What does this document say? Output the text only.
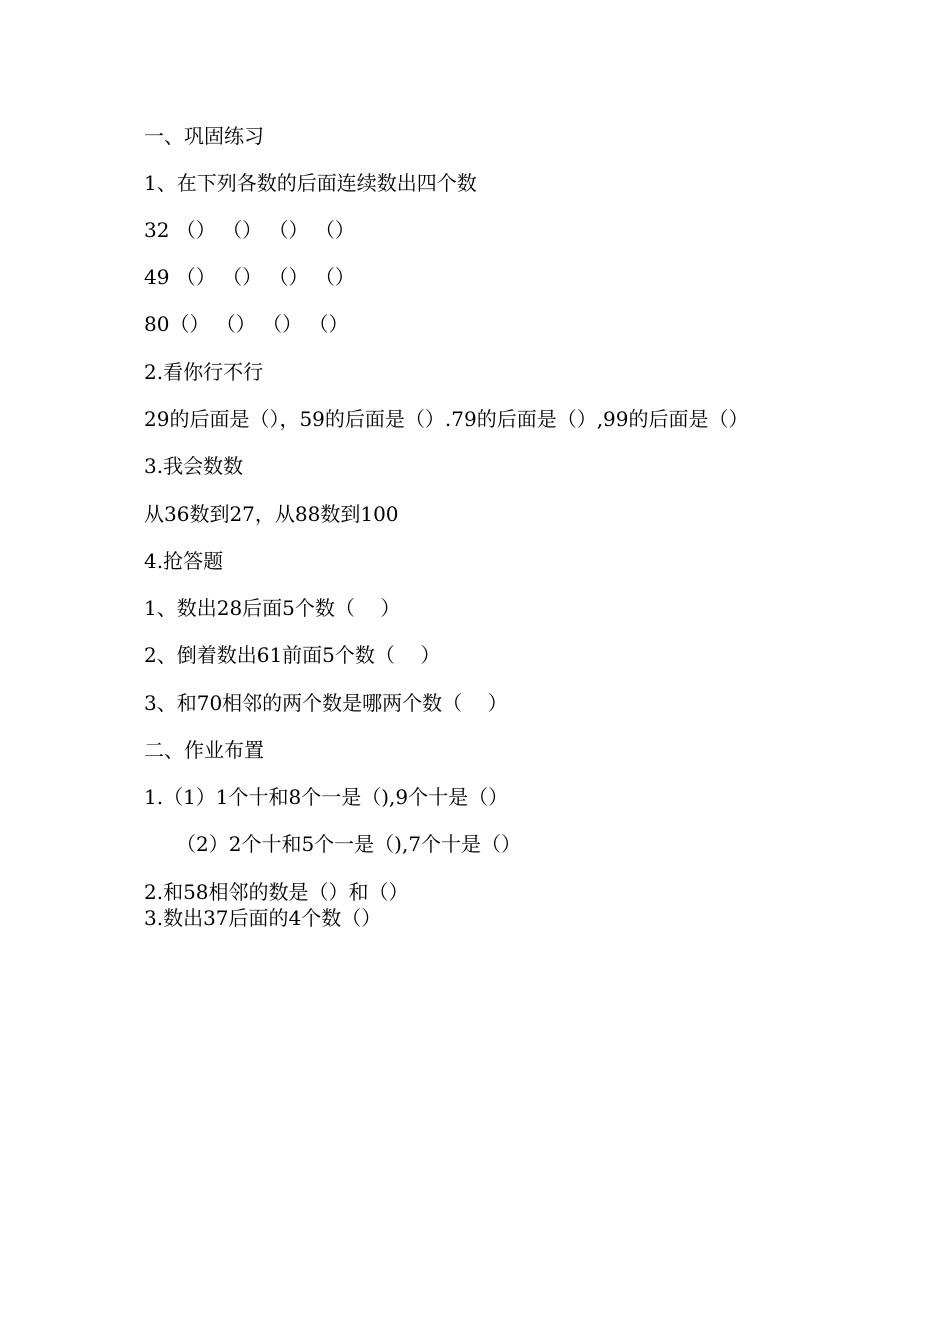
一、巩固练习
1、在下列各数的后面连续数出四个数
32 （） （） （） （）
49 （） （） （） （）
80（） （） （） （）
2.看你行不行
29的后面是（），59的后面是（）.79的后面是（）,99的后面是（）
3.我会数数
从36数到27，从88数到100
4.抢答题
1、数出28后面5个数（    ）
2、倒着数出61前面5个数（    ）
3、和70相邻的两个数是哪两个数（    ）
二、作业布置
1.（1）1个十和8个一是（),9个十是（）
（2）2个十和5个一是（),7个十是（）
2.和58相邻的数是（）和（）
3.数出37后面的4个数（）
